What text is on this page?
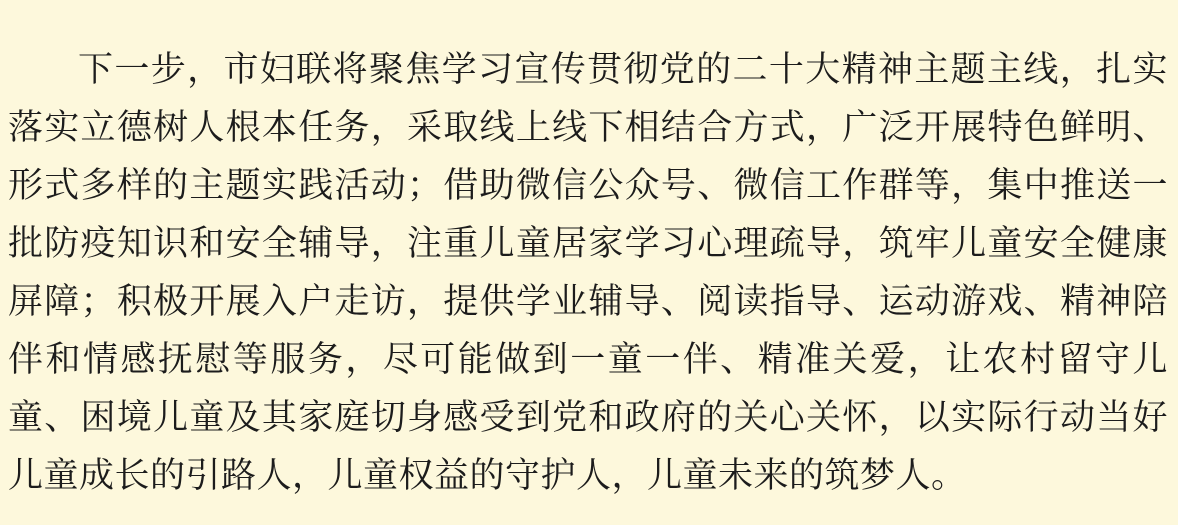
下一步，市妇联将聚焦学习宣传贯彻党的二十大精神主题主线，扎实落实立德树人根本任务，采取线上线下相结合方式，广泛开展特色鲜明、形式多样的主题实践活动；借助微信公众号、微信工作群等，集中推送一批防疫知识和安全辅导，注重儿童居家学习心理疏导，筑牢儿童安全健康屏障；积极开展入户走访，提供学业辅导、阅读指导、运动游戏、精神陪伴和情感抚慰等服务，尽可能做到一童一伴、精准关爱，让农村留守儿童、困境儿童及其家庭切身感受到党和政府的关心关怀，以实际行动当好儿童成长的引路人，儿童权益的守护人，儿童未来的筑梦人。
